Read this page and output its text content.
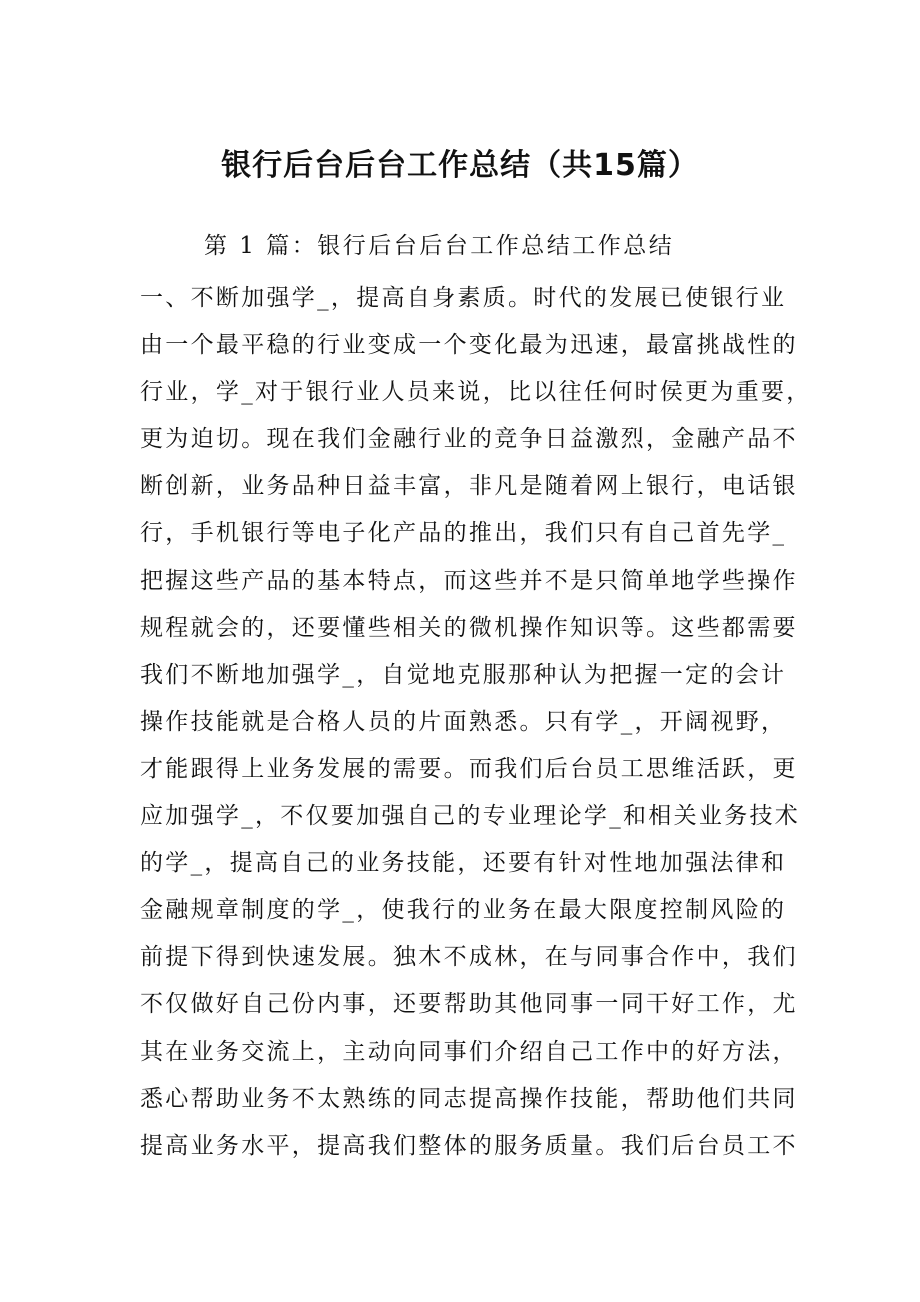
银行后台后台工作总结（共15篇）
第 1 篇：银行后台后台工作总结工作总结
一、不断加强学_，提高自身素质。时代的发展已使银行业
由一个最平稳的行业变成一个变化最为迅速，最富挑战性的
行业，学_对于银行业人员来说，比以往任何时侯更为重要，
更为迫切。现在我们金融行业的竞争日益激烈，金融产品不
断创新，业务品种日益丰富，非凡是随着网上银行，电话银
行，手机银行等电子化产品的推出，我们只有自己首先学_
把握这些产品的基本特点，而这些并不是只简单地学些操作
规程就会的，还要懂些相关的微机操作知识等。这些都需要
我们不断地加强学_，自觉地克服那种认为把握一定的会计
操作技能就是合格人员的片面熟悉。只有学_，开阔视野，
才能跟得上业务发展的需要。而我们后台员工思维活跃，更
应加强学_，不仅要加强自己的专业理论学_和相关业务技术
的学_，提高自己的业务技能，还要有针对性地加强法律和
金融规章制度的学_，使我行的业务在最大限度控制风险的
前提下得到快速发展。独木不成林，在与同事合作中，我们
不仅做好自己份内事，还要帮助其他同事一同干好工作，尤
其在业务交流上，主动向同事们介绍自己工作中的好方法，
悉心帮助业务不太熟练的同志提高操作技能，帮助他们共同
提高业务水平，提高我们整体的服务质量。我们后台员工不
